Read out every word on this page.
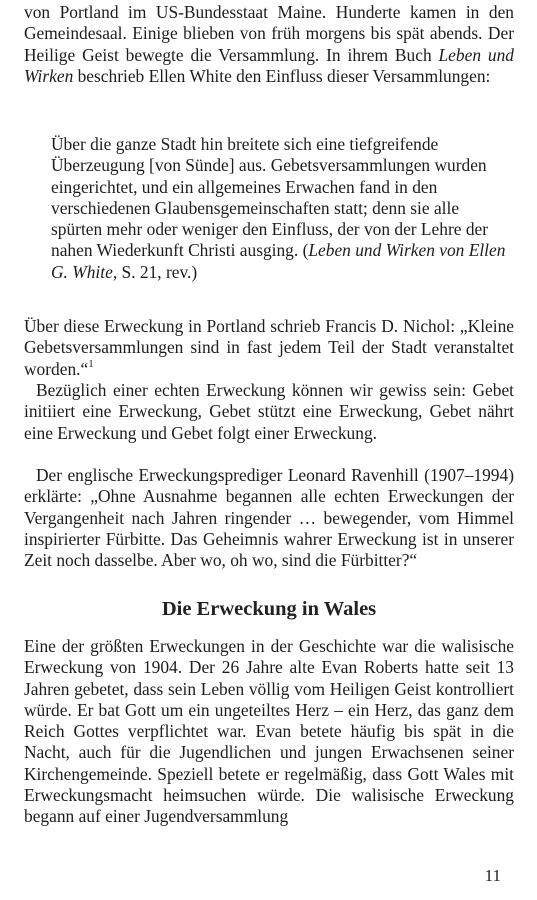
von Portland im US-Bundesstaat Maine. Hunderte kamen in den Gemeindesaal. Einige blieben von früh morgens bis spät abends. Der Heilige Geist bewegte die Versammlung. In ihrem Buch Leben und Wirken beschrieb Ellen White den Einfluss dieser Versammlungen:

Über die ganze Stadt hin breitete sich eine tiefgreifende Überzeugung [von Sünde] aus. Gebetsversammlungen wurden eingerichtet, und ein allgemeines Erwachen fand in den verschiedenen Glaubensgemeinschaften statt; denn sie alle spürten mehr oder weniger den Einfluss, der von der Lehre der nahen Wiederkunft Christi ausging. (Leben und Wirken von Ellen G. White, S. 21, rev.)

Über diese Erweckung in Portland schrieb Francis D. Nichol: „Kleine Gebetsversammlungen sind in fast jedem Teil der Stadt veranstaltet worden.“$^1$

Bezüglich einer echten Erweckung können wir gewiss sein: Gebet initiiert eine Erweckung, Gebet stützt eine Erweckung, Gebet nährt eine Erweckung und Gebet folgt einer Erweckung.

Der englische Erweckungsprediger Leonard Ravenhill (1907–1994) erklärte: „Ohne Ausnahme begannen alle echten Erweckungen der Vergangenheit nach Jahren ringender … bewegender, vom Himmel inspirierter Fürbitte. Das Geheimnis wahrer Erweckung ist in unserer Zeit noch dasselbe. Aber wo, oh wo, sind die Fürbitter?“

Die Erweckung in Wales

Eine der größten Erweckungen in der Geschichte war die walisische Erweckung von 1904. Der 26 Jahre alte Evan Roberts hatte seit 13 Jahren gebetet, dass sein Leben völlig vom Heiligen Geist kontrolliert würde. Er bat Gott um ein ungeteiltes Herz – ein Herz, das ganz dem Reich Gottes verpflichtet war. Evan betete häufig bis spät in die Nacht, auch für die Jugendlichen und jungen Erwachsenen seiner Kirchengemeinde. Speziell betete er regelmäßig, dass Gott Wales mit Erweckungsmacht heimsuchen würde. Die walisische Erweckung begann auf einer Jugendversammlung

11
